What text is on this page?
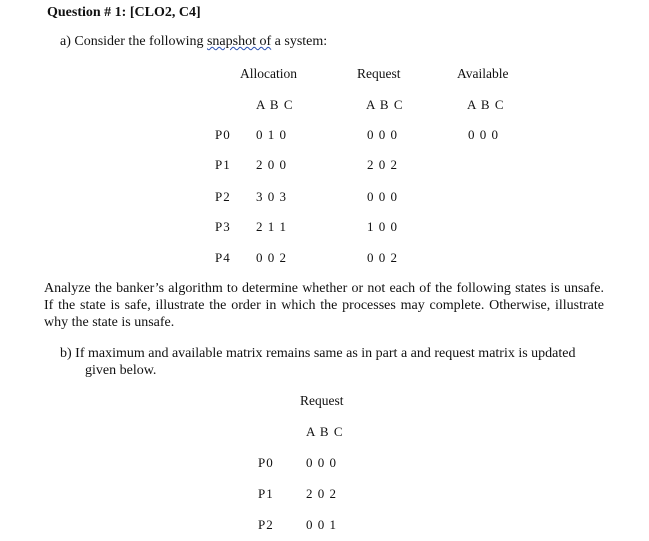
Question # 1: [CLO2, C4]
a) Consider the following snapshot of a system:
Allocation	Request	Available
A B C	A B C	A B C
P0 0 1 0	0 0 0	0 0 0
P1 2 0 0	2 0 2
P2 3 0 3	0 0 0
P3 2 1 1	1 0 0
P4 0 0 2	0 0 2
Analyze the banker’s algorithm to determine whether or not each of the following states is unsafe. If the state is safe, illustrate the order in which the processes may complete. Otherwise, illustrate why the state is unsafe.
b) If maximum and available matrix remains same as in part a and request matrix is updated
given below.
Request
A B C
P0 0 0 0
P1 2 0 2
P2 0 0 1
